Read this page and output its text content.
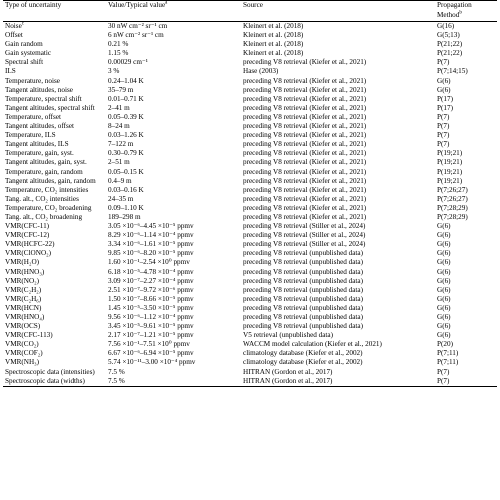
Type of uncertainty	Value/Typical value$^a$	Source	Propagation
			Method$^b$
Noise$^c$	30 nW cm⁻² sr⁻¹ cm	Kleinert et al. (2018)	G(16)
Offset	6 nW cm⁻² sr⁻¹ cm	Kleinert et al. (2018)	G(5;13)
Gain random	0.21 %	Kleinert et al. (2018)	P(21;22)
Gain systematic	1.15 %	Kleinert et al. (2018)	P(21;22)
Spectral shift	0.00029 cm⁻¹	preceding V8 retrieval (Kiefer et al., 2021)	P(7)
ILS	3 %	Hase (2003)	P(7;14;15)
Temperature, noise	0.24–1.04 K	preceding V8 retrieval (Kiefer et al., 2021)	G(6)
Tangent altitudes, noise	35–79 m	preceding V8 retrieval (Kiefer et al., 2021)	G(6)
Temperature, spectral shift	0.01–0.71 K	preceding V8 retrieval (Kiefer et al., 2021)	P(17)
Tangent altitudes, spectral shift	2–41 m	preceding V8 retrieval (Kiefer et al., 2021)	P(17)
Temperature, offset	0.05–0.39 K	preceding V8 retrieval (Kiefer et al., 2021)	P(7)
Tangent altitudes, offset	8–24 m	preceding V8 retrieval (Kiefer et al., 2021)	P(7)
Temperature, ILS	0.03–1.26 K	preceding V8 retrieval (Kiefer et al., 2021)	P(7)
Tangent altitudes, ILS	7–122 m	preceding V8 retrieval (Kiefer et al., 2021)	P(7)
Temperature, gain, syst.	0.30–0.79 K	preceding V8 retrieval (Kiefer et al., 2021)	P(19;21)
Tangent altitudes, gain, syst.	2–51 m	preceding V8 retrieval (Kiefer et al., 2021)	P(19;21)
Temperature, gain, random	0.05–0.15 K	preceding V8 retrieval (Kiefer et al., 2021)	P(19;21)
Tangent altitudes, gain, random	0.4–9 m	preceding V8 retrieval (Kiefer et al., 2021)	P(19;21)
Temperature, CO₂ intensities	0.03–0.16 K	preceding V8 retrieval (Kiefer et al., 2021)	P(7;26;27)
Tang. alt., CO₂ intensities	24–35 m	preceding V8 retrieval (Kiefer et al., 2021)	P(7;26;27)
Temperature, CO₂ broadening	0.09–1.10 K	preceding V8 retrieval (Kiefer et al., 2021)	P(7;28;29)
Tang. alt., CO₂ broadening	189–298 m	preceding V8 retrieval (Kiefer et al., 2021)	P(7;28;29)
VMR(CFC-11)	3.05 ×10⁻⁶–4.45 ×10⁻⁵ ppmv	preceding V8 retrieval (Stiller et al., 2024)	G(6)
VMR(CFC-12)	8.29 ×10⁻⁶–1.14 ×10⁻⁴ ppmv	preceding V8 retrieval (Stiller et al., 2024)	G(6)
VMR(HCFC-22)	3.34 ×10⁻⁶–1.61 ×10⁻⁵ ppmv	preceding V8 retrieval (Stiller et al., 2024)	G(6)
VMR(ClONO₂)	9.85 ×10⁻⁶–8.20 ×10⁻⁵ ppmv	preceding V8 retrieval (unpublished data)	G(6)
VMR(H₂O)	1.60 ×10⁻¹–2.54 ×10⁰ ppmv	preceding V8 retrieval (unpublished data)	G(6)
VMR(HNO₃)	6.18 ×10⁻⁵–4.78 ×10⁻⁴ ppmv	preceding V8 retrieval (unpublished data)	G(6)
VMR(NO₂)	3.09 ×10⁻⁷–2.27 ×10⁻⁴ ppmv	preceding V8 retrieval (unpublished data)	G(6)
VMR(C₂H₂)	2.51 ×10⁻⁷–9.72 ×10⁻⁶ ppmv	preceding V8 retrieval (unpublished data)	G(6)
VMR(C₂H₆)	1.50 ×10⁻⁷–8.66 ×10⁻⁵ ppmv	preceding V8 retrieval (unpublished data)	G(6)
VMR(HCN)	1.45 ×10⁻⁵–3.50 ×10⁻⁵ ppmv	preceding V8 retrieval (unpublished data)	G(6)
VMR(HNO₄)	9.56 ×10⁻⁶–1.12 ×10⁻⁴ ppmv	preceding V8 retrieval (unpublished data)	G(6)
VMR(OCS)	3.45 ×10⁻⁵–9.61 ×10⁻⁵ ppmv	preceding V8 retrieval (unpublished data)	G(6)
VMR(CFC-113)	2.17 ×10⁻⁷–1.21 ×10⁻⁵ ppmv	V5 retrieval (unpublished data)	G(6)
VMR(CO₂)	7.56 ×10⁻¹–7.51 ×10⁰ ppmv	WACCM model calculation (Kiefer et al., 2021)	P(20)
VMR(COF₂)	6.67 ×10⁻⁶–6.94 ×10⁻⁵ ppmv	climatology database (Kiefer et al., 2002)	P(7;11)
VMR(NH₃)	5.74 ×10⁻¹¹–3.00 ×10⁻⁴ ppmv	climatology database (Kiefer et al., 2002)	P(7;11)
Spectroscopic data (intensities)	7.5 %	HITRAN (Gordon et al., 2017)	P(7)
Spectroscopic data (widths)	7.5 %	HITRAN (Gordon et al., 2017)	P(7)
